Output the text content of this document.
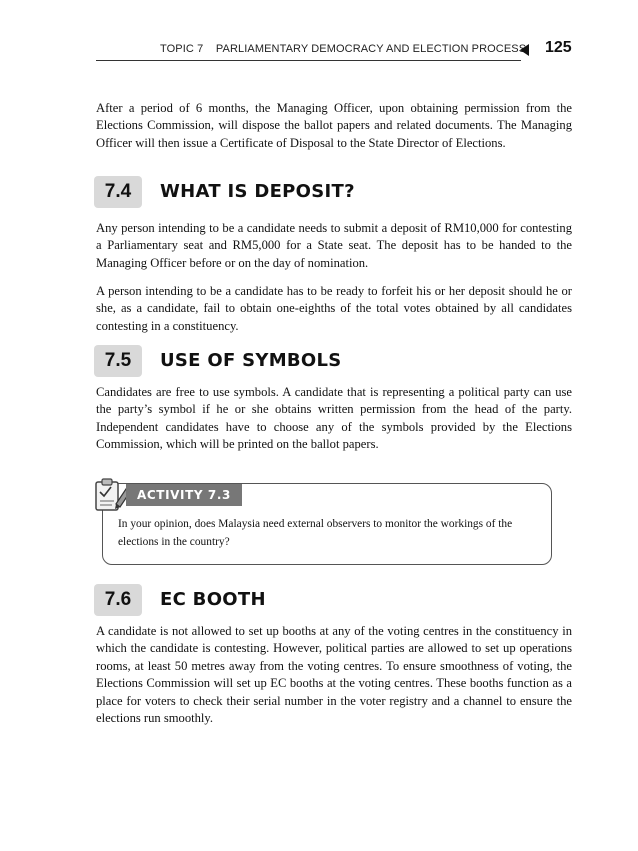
TOPIC 7    PARLIAMENTARY DEMOCRACY AND ELECTION PROCESS 125

After a period of 6 months, the Managing Officer, upon obtaining permission from the Elections Commission, will dispose the ballot papers and related documents. The Managing Officer will then issue a Certificate of Disposal to the State Director of Elections.

7.4	WHAT IS DEPOSIT?

Any person intending to be a candidate needs to submit a deposit of RM10,000 for contesting a Parliamentary seat and RM5,000 for a State seat. The deposit has to be handed to the Managing Officer before or on the day of nomination.

A person intending to be a candidate has to be ready to forfeit his or her deposit should he or she, as a candidate, fail to obtain one-eighths of the total votes obtained by all candidates contesting in a constituency.

7.5	USE OF SYMBOLS

Candidates are free to use symbols. A candidate that is representing a political party can use the party’s symbol if he or she obtains written permission from the head of the party. Independent candidates have to choose any of the symbols provided by the Elections Commission, which will be printed on the ballot papers.

ACTIVITY 7.3

In your opinion, does Malaysia need external observers to monitor the workings of the elections in the country?

7.6	EC BOOTH

A candidate is not allowed to set up booths at any of the voting centres in the constituency in which the candidate is contesting. However, political parties are allowed to set up operations rooms, at least 50 metres away from the voting centres. To ensure smoothness of voting, the Elections Commission will set up EC booths at the voting centres. These booths function as a place for voters to check their serial number in the voter registry and a channel to ensure the elections run smoothly.
